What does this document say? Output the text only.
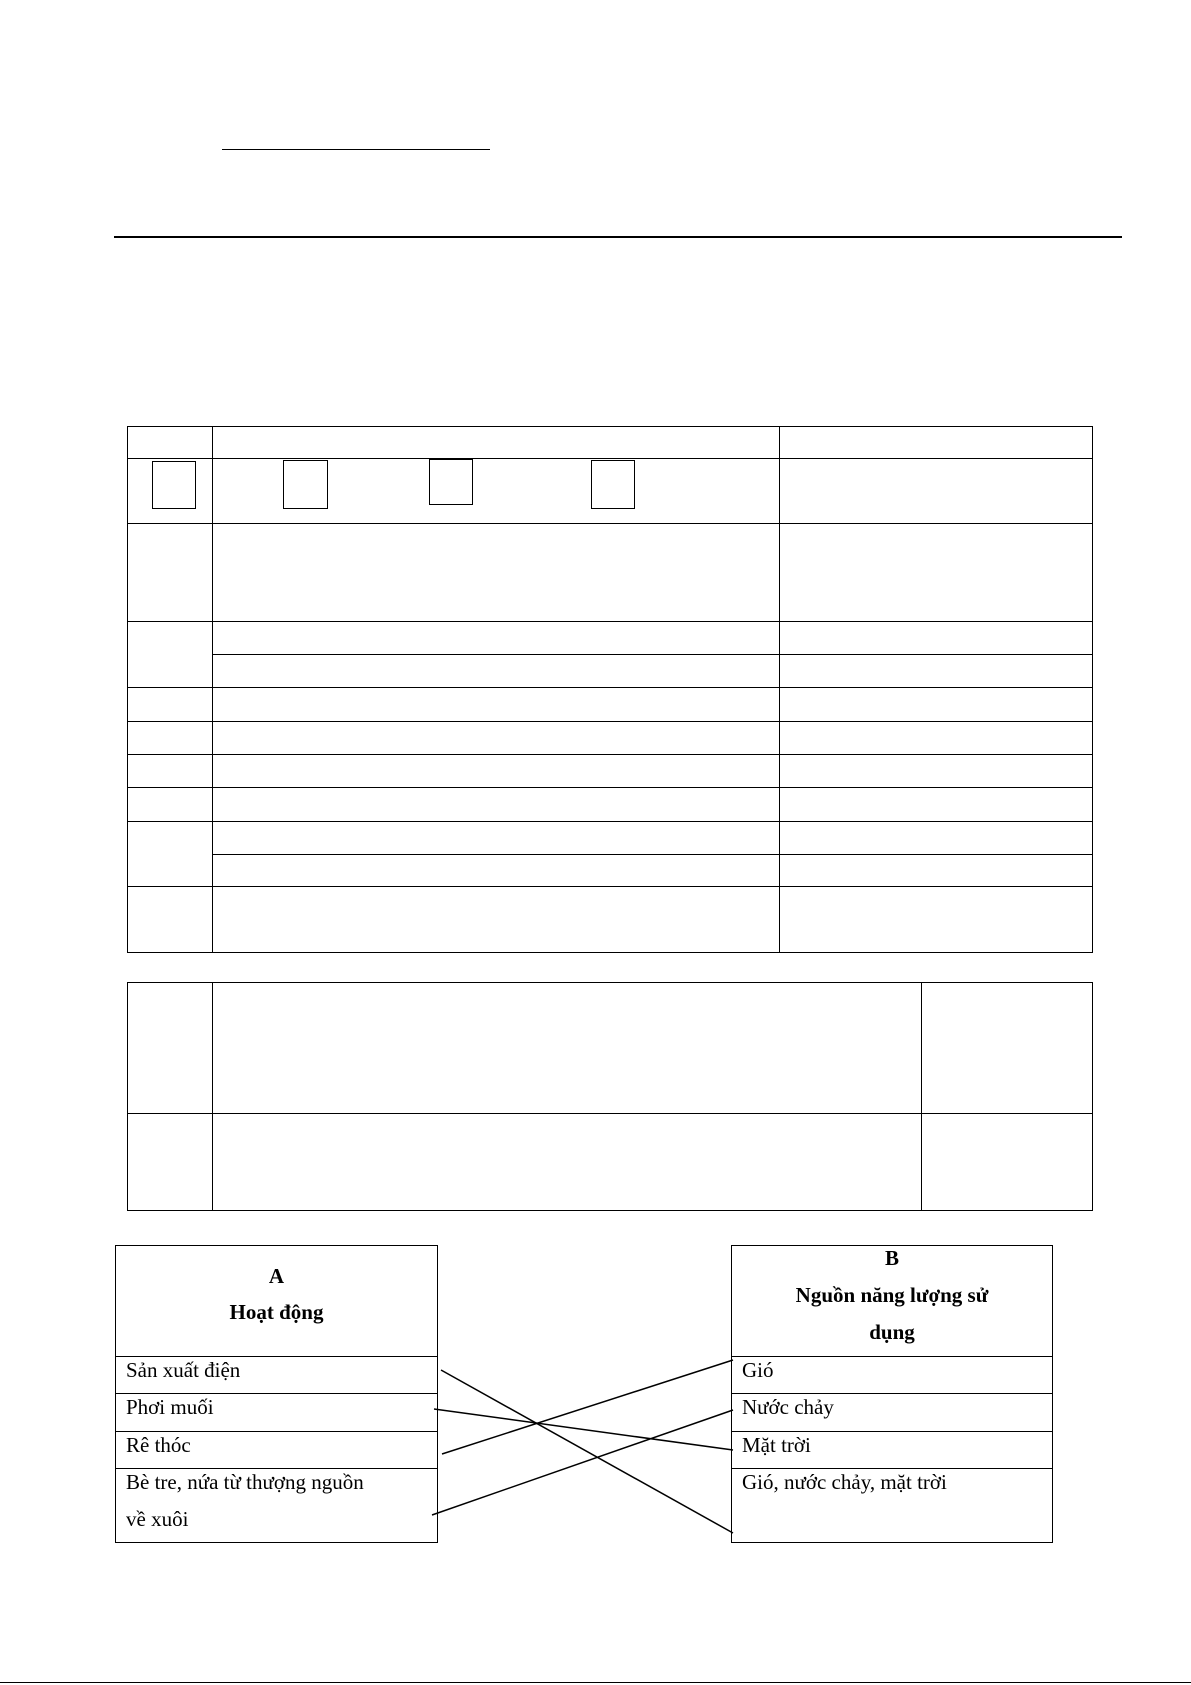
A
Hoạt động
Sản xuất điện
Phơi muối
Rê thóc
Bè tre, nứa từ thượng nguồn
về xuôi
B
Nguồn năng lượng sử
dụng
Gió
Nước chảy
Mặt trời
Gió, nước chảy, mặt trời
